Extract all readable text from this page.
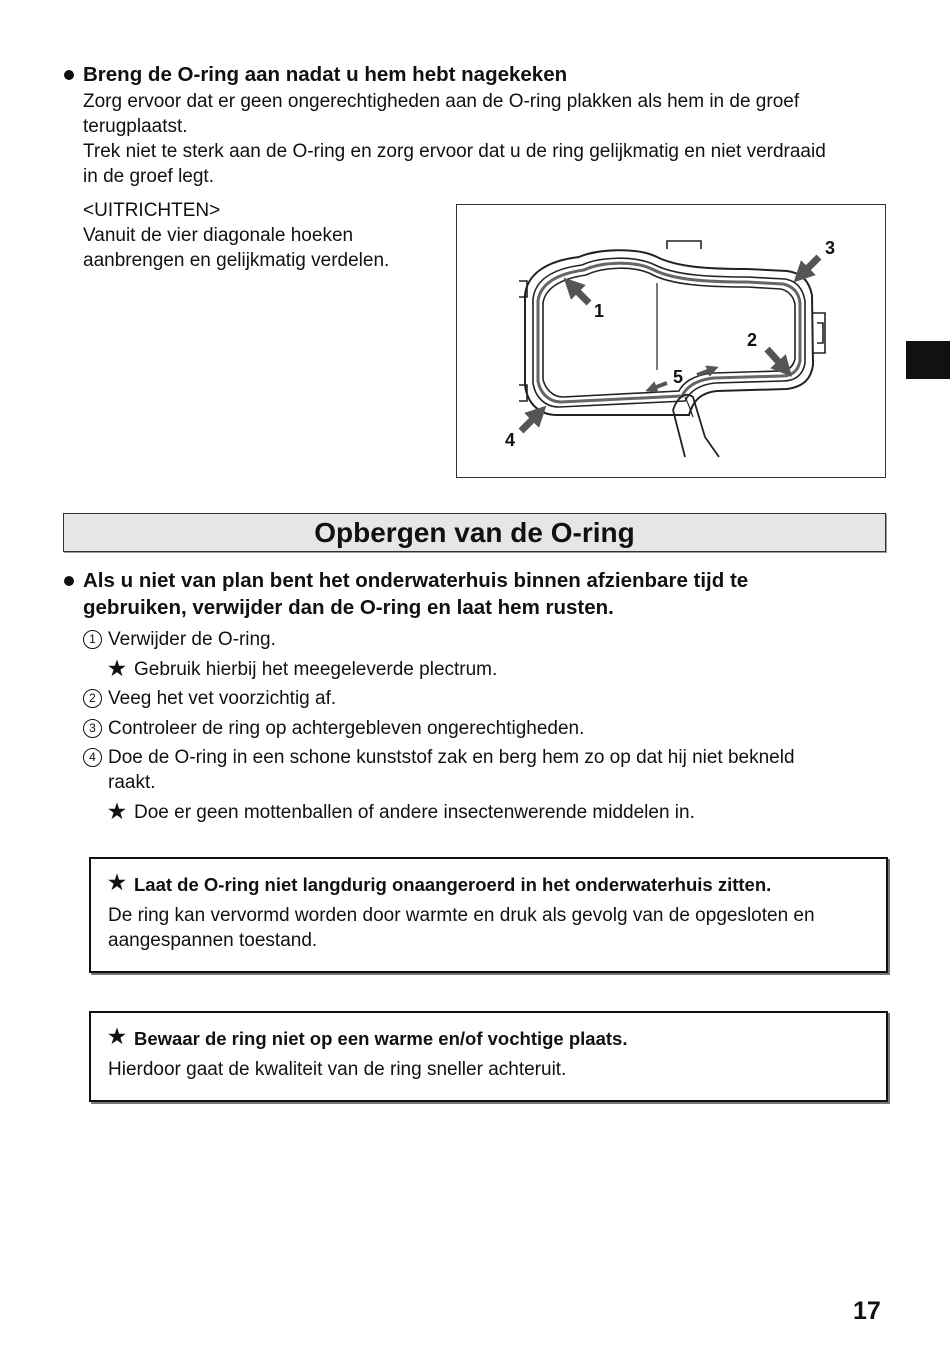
Breng de O-ring aan nadat u hem hebt nagekeken
Zorg ervoor dat er geen ongerechtigheden aan de O-ring plakken als hem in de groef
terugplaatst.
Trek niet te sterk aan de O-ring en zorg ervoor dat u de ring gelijkmatig en niet verdraaid
in de groef legt.
<UITRICHTEN>
Vanuit de vier diagonale hoeken
aanbrengen en gelijkmatig verdelen.
1
2
3
4
5
Opbergen van de O-ring
Als u niet van plan bent het onderwaterhuis binnen afzienbare tijd te
gebruiken, verwijder dan de O-ring en laat hem rusten.
1 Verwijder de O-ring.
★ Gebruik hierbij het meegeleverde plectrum.
2 Veeg het vet voorzichtig af.
3 Controleer de ring op achtergebleven ongerechtigheden.
4 Doe de O-ring in een schone kunststof zak en berg hem zo op dat hij niet bekneld
raakt.
★ Doe er geen mottenballen of andere insectenwerende middelen in.
★ Laat de O-ring niet langdurig onaangeroerd in het onderwaterhuis zitten.
De ring kan vervormd worden door warmte en druk als gevolg van de opgesloten en
aangespannen toestand.
★ Bewaar de ring niet op een warme en/of vochtige plaats.
Hierdoor gaat de kwaliteit van de ring sneller achteruit.
17
